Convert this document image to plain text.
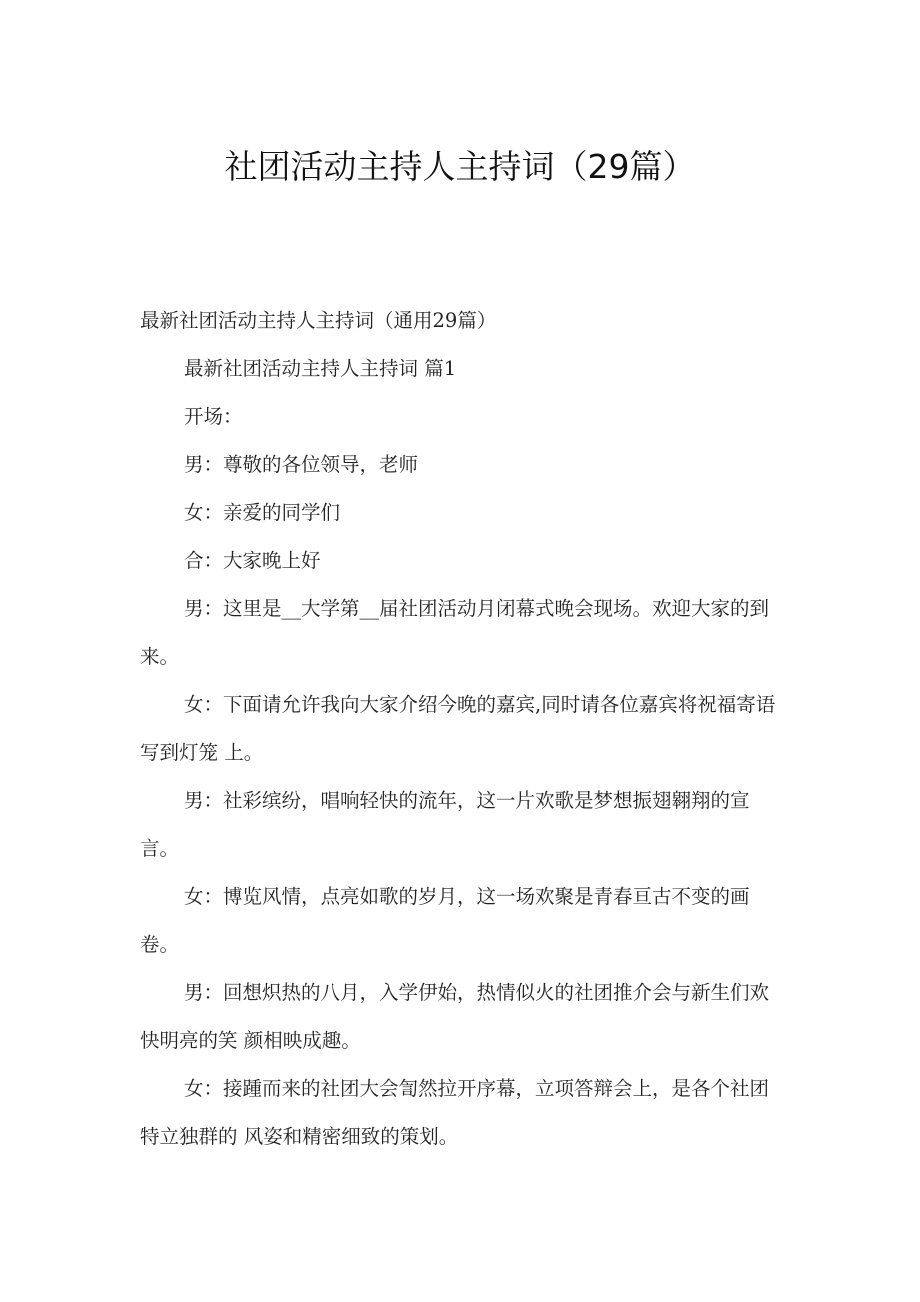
社团活动主持人主持词（29篇）

最新社团活动主持人主持词（通用29篇）

最新社团活动主持人主持词 篇1

开场：

男：尊敬的各位领导，老师

女：亲爱的同学们

合：大家晚上好

男：这里是__大学第__届社团活动月闭幕式晚会现场。欢迎大家的到来。

女：下面请允许我向大家介绍今晚的嘉宾,同时请各位嘉宾将祝福寄语写到灯笼 上。

男：社彩缤纷，唱响轻快的流年，这一片欢歌是梦想振翅翱翔的宣言。

女：博览风情，点亮如歌的岁月，这一场欢聚是青春亘古不变的画卷。

男：回想炽热的八月，入学伊始，热情似火的社团推介会与新生们欢快明亮的笑 颜相映成趣。

女：接踵而来的社团大会訇然拉开序幕，立项答辩会上，是各个社团特立独群的 风姿和精密细致的策划。
